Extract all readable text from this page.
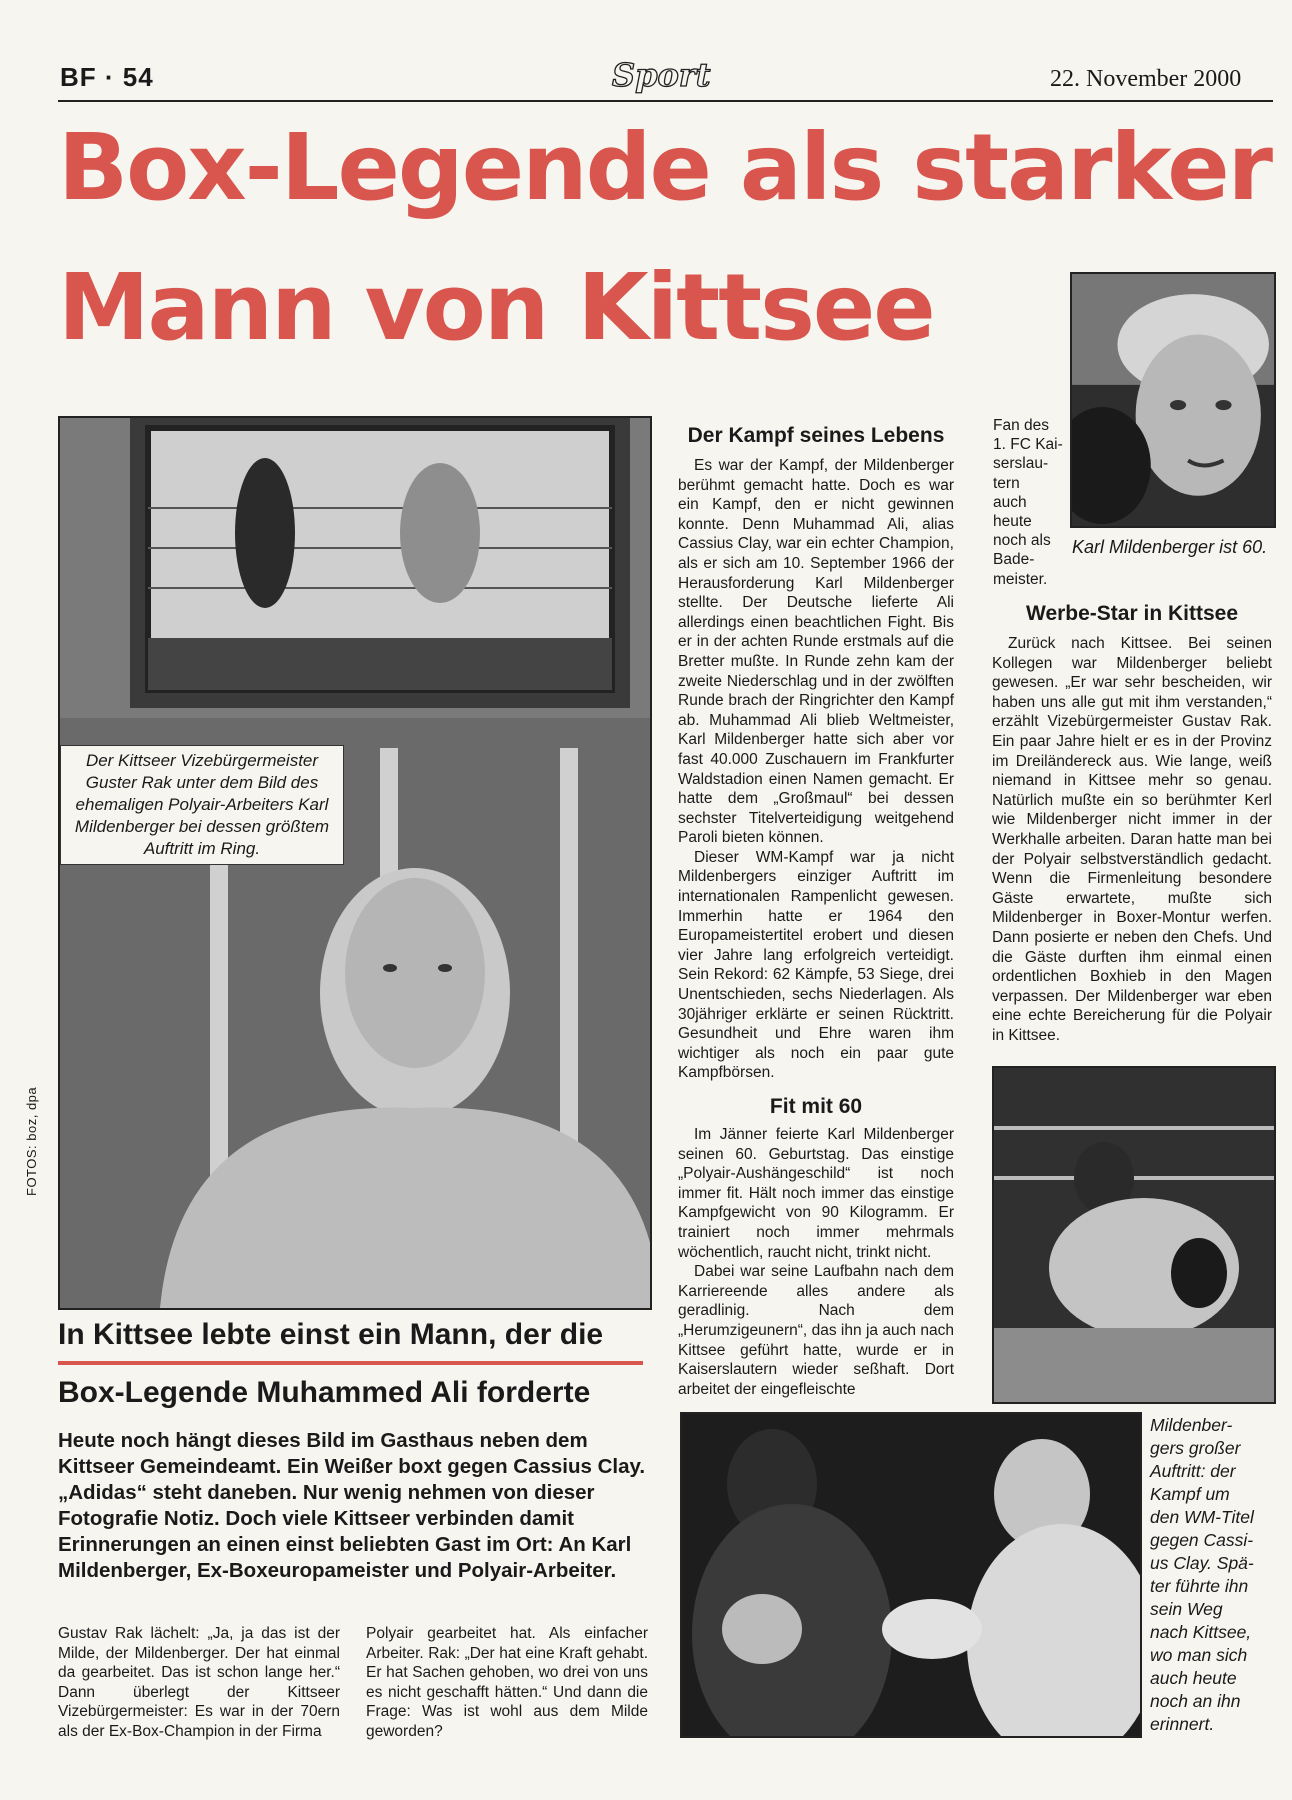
BF · 54	Sport	22. November 2000
Box-Legende als starker
Mann von Kittsee
Karl Mildenberger ist 60.
Der Kittseer Vizebürgermeister Guster Rak unter dem Bild des ehemaligen Polyair-Arbeiters Karl Mildenberger bei dessen größtem Auftritt im Ring.
FOTOS: boz, dpa
In Kittsee lebte einst ein Mann, der die
Box-Legende Muhammed Ali forderte
Heute noch hängt dieses Bild im Gasthaus neben dem Kittseer Gemeindeamt. Ein Weißer boxt gegen Cassius Clay. „Adidas“ steht daneben. Nur wenig nehmen von dieser Fotografie Notiz. Doch viele Kittseer verbinden damit Erinnerungen an einen einst beliebten Gast im Ort: An Karl Mildenberger, Ex-Boxeuropameister und Polyair-Arbeiter.
Gustav Rak lächelt: „Ja, ja das ist der Milde, der Mildenberger. Der hat einmal da gearbeitet. Das ist schon lange her.“ Dann überlegt der Kittseer Vizebürgermeister: Es war in der 70ern als der Ex-Box-Champion in der Firma
Polyair gearbeitet hat. Als einfacher Arbeiter. Rak: „Der hat eine Kraft gehabt. Er hat Sachen gehoben, wo drei von uns es nicht geschafft hätten.“ Und dann die Frage: Was ist wohl aus dem Milde geworden?
Der Kampf seines Lebens

Es war der Kampf, der Mildenberger berühmt gemacht hatte. Doch es war ein Kampf, den er nicht gewinnen konnte. Denn Muhammad Ali, alias Cassius Clay, war ein echter Champion, als er sich am 10. September 1966 der Herausforderung Karl Mildenberger stellte. Der Deutsche lieferte Ali allerdings einen beachtlichen Fight. Bis er in der achten Runde erstmals auf die Bretter mußte. In Runde zehn kam der zweite Niederschlag und in der zwölften Runde brach der Ringrichter den Kampf ab. Muhammad Ali blieb Weltmeister, Karl Mildenberger hatte sich aber vor fast 40.000 Zuschauern im Frankfurter Waldstadion einen Namen gemacht. Er hatte dem „Großmaul“ bei dessen sechster Titelverteidigung weitgehend Paroli bieten können.

Dieser WM-Kampf war ja nicht Mildenbergers einziger Auftritt im internationalen Rampenlicht gewesen. Immerhin hatte er 1964 den Europameistertitel erobert und diesen vier Jahre lang erfolgreich verteidigt. Sein Rekord: 62 Kämpfe, 53 Siege, drei Unentschieden, sechs Niederlagen. Als 30jähriger erklärte er seinen Rücktritt. Gesundheit und Ehre waren ihm wichtiger als noch ein paar gute Kampfbörsen.

Fit mit 60

Im Jänner feierte Karl Mildenberger seinen 60. Geburtstag. Das einstige „Polyair-Aushängeschild“ ist noch immer fit. Hält noch immer das einstige Kampfgewicht von 90 Kilogramm. Er trainiert noch immer mehrmals wöchentlich, raucht nicht, trinkt nicht.

Dabei war seine Laufbahn nach dem Karriereende alles andere als geradlinig. Nach dem „Herumzigeunern“, das ihn ja auch nach Kittsee geführt hatte, wurde er in Kaiserslautern wieder seßhaft. Dort arbeitet der eingefleischte

Fan des
1. FC Kai-
serslau-
tern
auch
heute
noch als
Bade-
meister.
Werbe-Star in Kittsee

Zurück nach Kittsee. Bei seinen Kollegen war Mildenberger beliebt gewesen. „Er war sehr bescheiden, wir haben uns alle gut mit ihm verstanden,“ erzählt Vizebürgermeister Gustav Rak. Ein paar Jahre hielt er es in der Provinz im Dreiländereck aus. Wie lange, weiß niemand in Kittsee mehr so genau. Natürlich mußte ein so berühmter Kerl wie Mildenberger nicht immer in der Werkhalle arbeiten. Daran hatte man bei der Polyair selbstverständlich gedacht. Wenn die Firmenleitung besondere Gäste erwartete, mußte sich Mildenberger in Boxer-Montur werfen. Dann posierte er neben den Chefs. Und die Gäste durften ihm einmal einen ordentlichen Boxhieb in den Magen verpassen. Der Mildenberger war eben eine echte Bereicherung für die Polyair in Kittsee.

Mildenber-
gers großer
Auftritt: der
Kampf um
den WM-Titel
gegen Cassi-
us Clay. Spä-
ter führte ihn
sein Weg
nach Kittsee,
wo man sich
auch heute
noch an ihn
erinnert.
